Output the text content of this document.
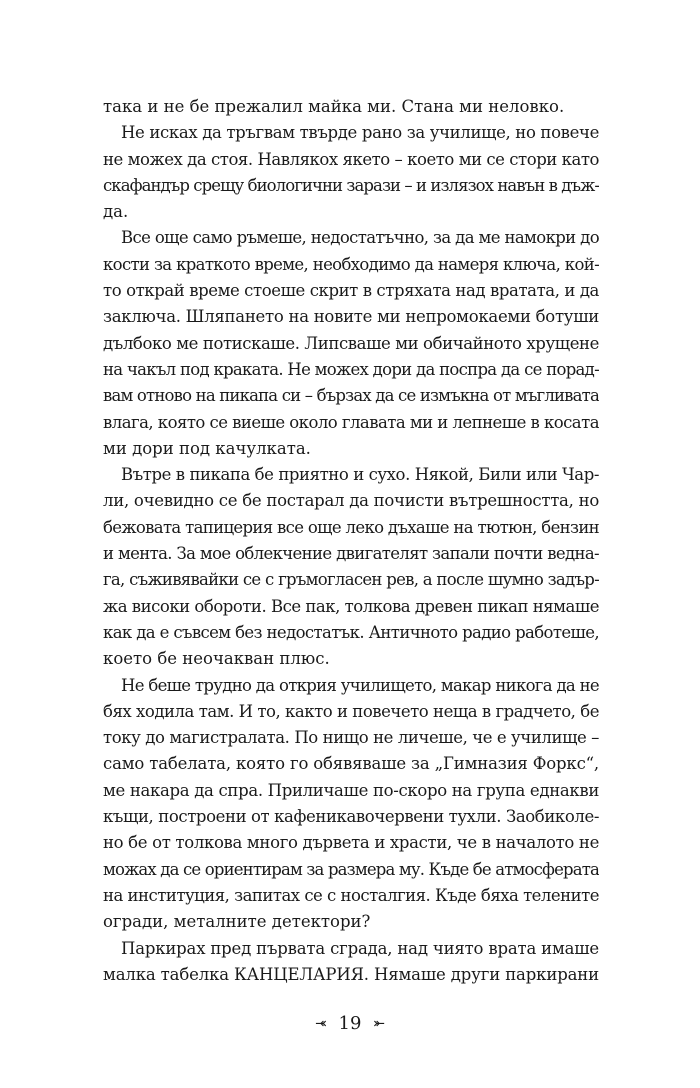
така и не бе прежалил майка ми. Стана ми неловко.

Не исках да тръгвам твърде рано за училище, но повече
не можех да стоя. Навлякох якето – което ми се стори като
скафандър срещу биологични зарази – и излязох навън в дъж-
да.

Все още само ръмеше, недостатъчно, за да ме намокри до
кости за краткото време, необходимо да намеря ключа, кой-
то открай време стоеше скрит в стряхата над вратата, и да
заключа. Шляпането на новите ми непромокаеми ботуши
дълбоко ме потискаше. Липсваше ми обичайното хрущене
на чакъл под краката. Не можех дори да поспра да се порад-
вам отново на пикапа си – бързах да се измъкна от мъгливата
влага, която се виеше около главата ми и лепнеше в косата
ми дори под качулката.

Вътре в пикапа бе приятно и сухо. Някой, Били или Чар-
ли, очевидно се бе постарал да почисти вътрешността, но
бежовата тапицерия все още леко дъхаше на тютюн, бензин
и мента. За мое облекчение двигателят запали почти ведна-
га, съживявайки се с гръмогласен рев, а после шумно задър-
жа високи обороти. Все пак, толкова древен пикап нямаше
как да е съвсем без недостатък. Античното радио работеше,
което бе неочакван плюс.

Не беше трудно да открия училището, макар никога да не
бях ходила там. И то, както и повечето неща в градчето, бе
току до магистралата. По нищо не личеше, че е училище –
само табелата, която го обявяваше за „Гимназия Форкс“,
ме накара да спра. Приличаше по-скоро на група еднакви
къщи, построени от кафеникавочервени тухли. Заобиколе-
но бе от толкова много дървета и храсти, че в началото не
можах да се ориентирам за размера му. Къде бе атмосферата
на институция, запитах се с носталгия. Къде бяха телените
огради, металните детектори?

Паркирах пред първата сграда, над чиято врата имаше
малка табелка КАНЦЕЛАРИЯ. Нямаше други паркирани

⤛ 19 ⤜
